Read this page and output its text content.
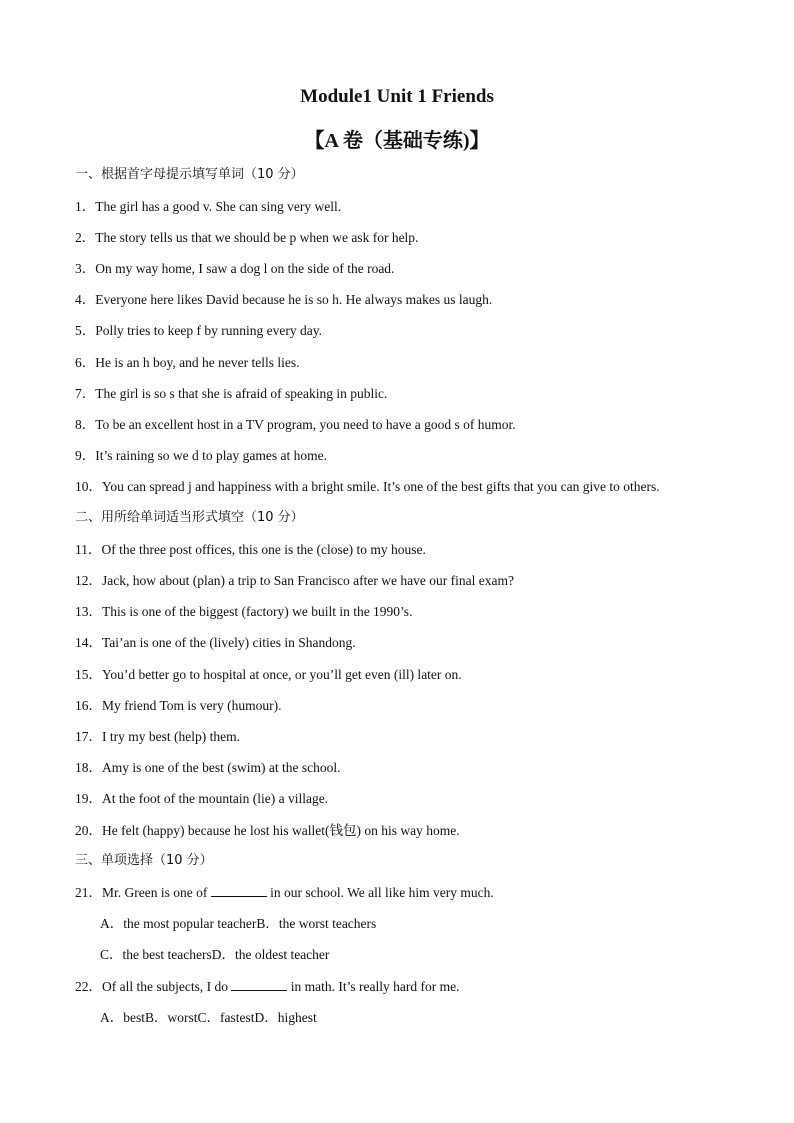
Module1 Unit 1 Friends
【A 卷（基础专练)】
一、根据首字母提示填写单词（10 分）
1．The girl has a good v. She can sing very well.
2．The story tells us that we should be p when we ask for help.
3．On my way home, I saw a dog l on the side of the road.
4．Everyone here likes David because he is so h. He always makes us laugh.
5．Polly tries to keep f by running every day.
6．He is an h boy, and he never tells lies.
7．The girl is so s that she is afraid of speaking in public.
8．To be an excellent host in a TV program, you need to have a good s of humor.
9．It’s raining so we d to play games at home.
10．You can spread j and happiness with a bright smile. It’s one of the best gifts that you can give to others.
二、用所给单词适当形式填空（10 分）
11．Of the three post offices, this one is the (close) to my house.
12．Jack, how about (plan) a trip to San Francisco after we have our final exam?
13．This is one of the biggest (factory) we built in the 1990’s.
14．Tai’an is one of the (lively) cities in Shandong.
15．You’d better go to hospital at once, or you’ll get even (ill) later on.
16．My friend Tom is very (humour).
17．I try my best (help) them.
18．Amy is one of the best (swim) at the school.
19．At the foot of the mountain (lie) a village.
20．He felt (happy) because he lost his wallet(钱包) on his way home.
三、单项选择（10 分）
21．Mr. Green is one of	in our school. We all like him very much.
A．the most popular teacherB．the worst teachers
C．the best teachersD．the oldest teacher
22．Of all the subjects, I do	in math. It’s really hard for me.
A．bestB．worstC．fastestD．highest
